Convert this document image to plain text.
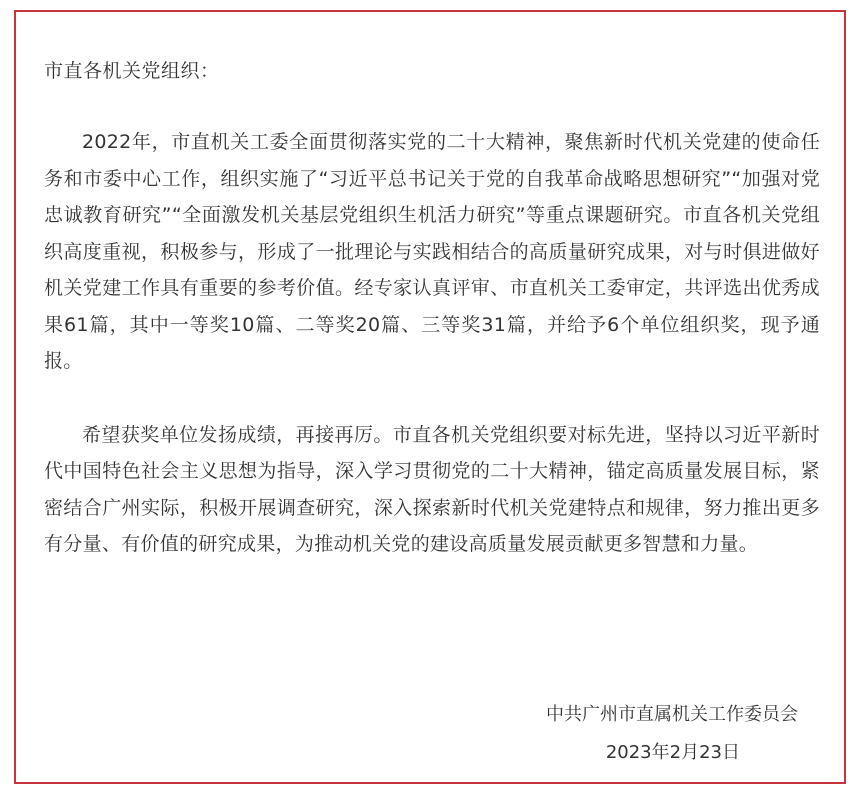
市直各机关党组织：

2022年，市直机关工委全面贯彻落实党的二十大精神，聚焦新时代机关党建的使命任务和市委中心工作，组织实施了“习近平总书记关于党的自我革命战略思想研究”“加强对党忠诚教育研究”“全面激发机关基层党组织生机活力研究”等重点课题研究。市直各机关党组织高度重视，积极参与，形成了一批理论与实践相结合的高质量研究成果，对与时俱进做好机关党建工作具有重要的参考价值。经专家认真评审、市直机关工委审定，共评选出优秀成果61篇，其中一等奖10篇、二等奖20篇、三等奖31篇，并给予6个单位组织奖，现予通报。

希望获奖单位发扬成绩，再接再厉。市直各机关党组织要对标先进，坚持以习近平新时代中国特色社会主义思想为指导，深入学习贯彻党的二十大精神，锚定高质量发展目标，紧密结合广州实际，积极开展调查研究，深入探索新时代机关党建特点和规律，努力推出更多有分量、有价值的研究成果，为推动机关党的建设高质量发展贡献更多智慧和力量。

中共广州市直属机关工作委员会
2023年2月23日
